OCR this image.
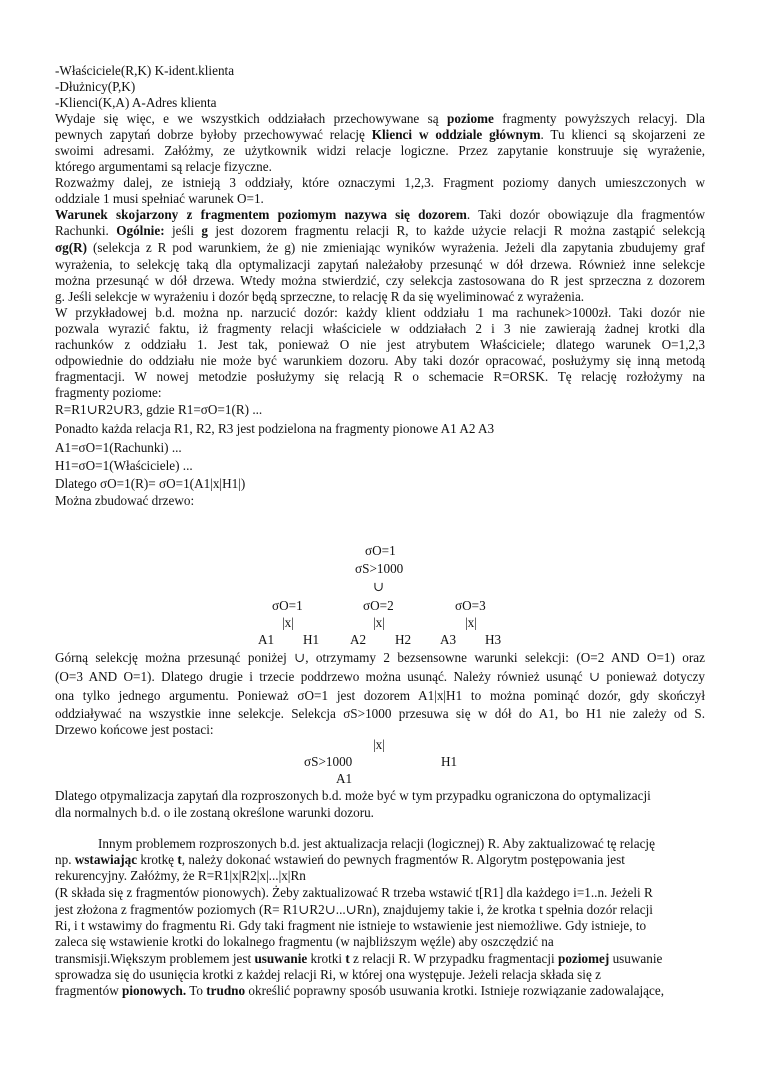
-Właściciele(R,K) K-ident.klienta
-Dłużnicy(P,K)
-Klienci(K,A) A-Adres klienta
Wydaje się więc, e we wszystkich oddziałach przechowywane są poziome fragmenty powyższych relacyj. Dla
pewnych zapytań dobrze byłoby przechowywać relację Klienci w oddziale głównym. Tu klienci są skojarzeni ze
swoimi adresami. Załóżmy, ze użytkownik widzi relacje logiczne. Przez zapytanie konstruuje się wyrażenie,
którego argumentami są relacje fizyczne.
Rozważmy dalej, ze istnieją 3 oddziały, które oznaczymi 1,2,3. Fragment poziomy danych umieszczonych w
oddziale 1 musi spełniać warunek O=1.
Warunek skojarzony z fragmentem poziomym nazywa się dozorem. Taki dozór obowiązuje dla fragmentów
Rachunki. Ogólnie: jeśli g jest dozorem fragmentu relacji R, to każde użycie relacji R można zastąpić selekcją
σg(R) (selekcja z R pod warunkiem, że g) nie zmieniając wyników wyrażenia. Jeżeli dla zapytania zbudujemy graf
wyrażenia, to selekcję taką dla optymalizacji zapytań należałoby przesunąć w dół drzewa. Również inne selekcje
można przesunąć w dół drzewa. Wtedy można stwierdzić, czy selekcja zastosowana do R jest sprzeczna z dozorem
g. Jeśli selekcje w wyrażeniu i dozór będą sprzeczne, to relację R da się wyeliminować z wyrażenia.
W przykładowej b.d. można np. narzucić dozór: każdy klient oddziału 1 ma rachunek>1000zł. Taki dozór nie
pozwala wyrazić faktu, iż fragmenty relacji właściciele w oddziałach 2 i 3 nie zawierają żadnej krotki dla
rachunków z oddziału 1. Jest tak, ponieważ O nie jest atrybutem Właściciele; dlatego warunek O=1,2,3
odpowiednie do oddziału nie może być warunkiem dozoru. Aby taki dozór opracować, posłużymy się inną metodą
fragmentacji. W nowej metodzie posłużymy się relacją R o schemacie R=ORSK. Tę relację rozłożymy na
fragmenty poziome:
R=R1∪R2∪R3, gdzie R1=σO=1(R) ...
Ponadto każda relacja R1, R2, R3 jest podzielona na fragmenty pionowe A1 A2 A3
A1=σO=1(Rachunki) ...
H1=σO=1(Właściciele) ...
Dlatego σO=1(R)= σO=1(A1|x|H1|)
Można zbudować drzewo:
σO=1
σS>1000
∪
σO=1	σO=2	σO=3
|x|	|x|	|x|
A1 H1 A2 H2 A3 H3
Górną selekcję można przesunąć poniżej ∪, otrzymamy 2 bezsensowne warunki selekcji: (O=2 AND O=1) oraz
(O=3 AND O=1). Dlatego drugie i trzecie poddrzewo można usunąć. Należy również usunąć ∪ ponieważ dotyczy
ona tylko jednego argumentu. Ponieważ σO=1 jest dozorem A1|x|H1 to można pominąć dozór, gdy skończył
oddziaływać na wszystkie inne selekcje. Selekcja σS>1000 przesuwa się w dół do A1, bo H1 nie zależy od S.
Drzewo końcowe jest postaci:
|x|
σS>1000	H1
A1
Dlatego otpymalizacja zapytań dla rozproszonych b.d. może być w tym przypadku ograniczona do optymalizacji
dla normalnych b.d. o ile zostaną określone warunki dozoru.
Innym problemem rozproszonych b.d. jest aktualizacja relacji (logicznej) R. Aby zaktualizować tę relację
np. wstawiając krotkę t, należy dokonać wstawień do pewnych fragmentów R. Algorytm postępowania jest
rekurencyjny. Załóżmy, że R=R1|x|R2|x|...|x|Rn
(R składa się z fragmentów pionowych). Żeby zaktualizować R trzeba wstawić t[R1] dla każdego i=1..n. Jeżeli R
jest złożona z fragmentów poziomych (R= R1∪R2∪...∪Rn), znajdujemy takie i, że krotka t spełnia dozór relacji
Ri, i t wstawimy do fragmentu Ri. Gdy taki fragment nie istnieje to wstawienie jest niemożliwe. Gdy istnieje, to
zaleca się wstawienie krotki do lokalnego fragmentu (w najbliższym węźle) aby oszczędzić na
transmisji.Większym problemem jest usuwanie krotki t z relacji R. W przypadku fragmentacji poziomej usuwanie
sprowadza się do usunięcia krotki z każdej relacji Ri, w której ona występuje. Jeżeli relacja składa się z
fragmentów pionowych. To trudno określić poprawny sposób usuwania krotki. Istnieje rozwiązanie zadowalające,
